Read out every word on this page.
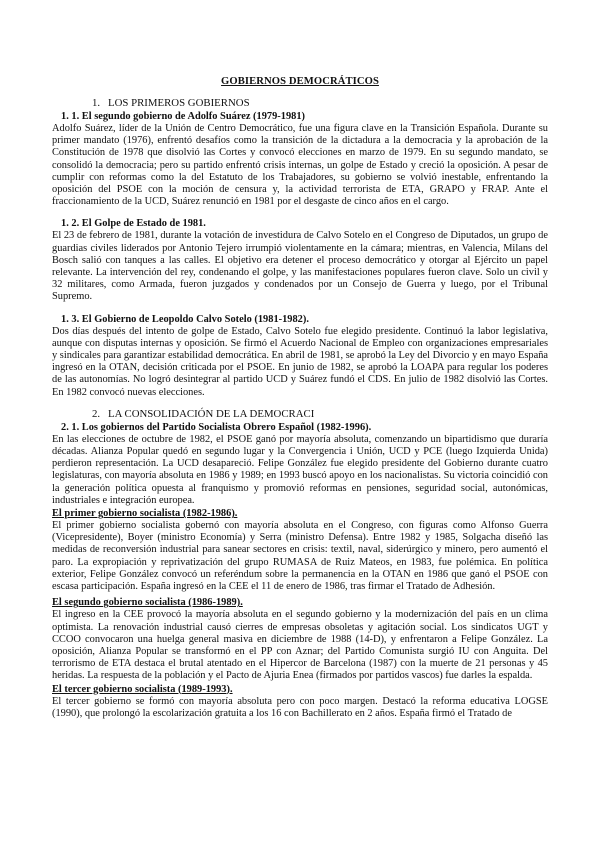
GOBIERNOS DEMOCRÁTICOS

1. LOS PRIMEROS GOBIERNOS

1. 1. El segundo gobierno de Adolfo Suárez (1979-1981)

Adolfo Suárez, líder de la Unión de Centro Democrático, fue una figura clave en la Transición Española. Durante su primer mandato (1976), enfrentó desafíos como la transición de la dictadura a la democracia y la aprobación de la Constitución de 1978 que disolvió las Cortes y convocó elecciones en marzo de 1979. En su segundo mandato, se consolidó la democracia; pero su partido enfrentó crisis internas, un golpe de Estado y creció la oposición. A pesar de cumplir con reformas como la del Estatuto de los Trabajadores, su gobierno se volvió inestable, enfrentando la oposición del PSOE con la moción de censura y, la actividad terrorista de ETA, GRAPO y FRAP. Ante el fraccionamiento de la UCD, Suárez renunció en 1981 por el desgaste de cinco años en el cargo.

1. 2. El Golpe de Estado de 1981.

El 23 de febrero de 1981, durante la votación de investidura de Calvo Sotelo en el Congreso de Diputados, un grupo de guardias civiles liderados por Antonio Tejero irrumpió violentamente en la cámara; mientras, en Valencia, Milans del Bosch salió con tanques a las calles. El objetivo era detener el proceso democrático y otorgar al Ejército un papel relevante. La intervención del rey, condenando el golpe, y las manifestaciones populares fueron clave. Solo un civil y 32 militares, como Armada, fueron juzgados y condenados por un Consejo de Guerra y luego, por el Tribunal Supremo.

1. 3. El Gobierno de Leopoldo Calvo Sotelo (1981-1982).

Dos días después del intento de golpe de Estado, Calvo Sotelo fue elegido presidente. Continuó la labor legislativa, aunque con disputas internas y oposición. Se firmó el Acuerdo Nacional de Empleo con organizaciones empresariales y sindicales para garantizar estabilidad democrática. En abril de 1981, se aprobó la Ley del Divorcio y en mayo España ingresó en la OTAN, decisión criticada por el PSOE. En junio de 1982, se aprobó la LOAPA para regular los poderes de las autonomías. No logró desintegrar al partido UCD y Suárez fundó el CDS. En julio de 1982 disolvió las Cortes. En 1982 convocó nuevas elecciones.

2. LA CONSOLIDACIÓN DE LA DEMOCRACI

2. 1. Los gobiernos del Partido Socialista Obrero Español (1982-1996).

En las elecciones de octubre de 1982, el PSOE ganó por mayoría absoluta, comenzando un bipartidismo que duraría décadas. Alianza Popular quedó en segundo lugar y la Convergencia i Unión, UCD y PCE (luego Izquierda Unida) perdieron representación. La UCD desapareció. Felipe González fue elegido presidente del Gobierno durante cuatro legislaturas, con mayoría absoluta en 1986 y 1989; en 1993 buscó apoyo en los nacionalistas. Su victoria coincidió con la generación política opuesta al franquismo y promovió reformas en pensiones, seguridad social, autonómicas, industriales e integración europea.

El primer gobierno socialista (1982-1986).

El primer gobierno socialista gobernó con mayoría absoluta en el Congreso, con figuras como Alfonso Guerra (Vicepresidente), Boyer (ministro Economía) y Serra (ministro Defensa). Entre 1982 y 1985, Solgacha diseñó las medidas de reconversión industrial para sanear sectores en crisis: textil, naval, siderúrgico y minero, pero aumentó el paro. La expropiación y reprivatización del grupo RUMASA de Ruiz Mateos, en 1983, fue polémica. En política exterior, Felipe González convocó un referéndum sobre la permanencia en la OTAN en 1986 que ganó el PSOE con escasa participación. España ingresó en la CEE el 11 de enero de 1986, tras firmar el Tratado de Adhesión.

El segundo gobierno socialista (1986-1989).

El ingreso en la CEE provocó la mayoría absoluta en el segundo gobierno y la modernización del país en un clima optimista. La renovación industrial causó cierres de empresas obsoletas y agitación social. Los sindicatos UGT y CCOO convocaron una huelga general masiva en diciembre de 1988 (14-D), y enfrentaron a Felipe González. La oposición, Alianza Popular se transformó en el PP con Aznar; del Partido Comunista surgió IU con Anguita. Del terrorismo de ETA destaca el brutal atentado en el Hipercor de Barcelona (1987) con la muerte de 21 personas y 45 heridas. La respuesta de la población y el Pacto de Ajuria Enea (firmados por partidos vascos) fue darles la espalda.

El tercer gobierno socialista (1989-1993).

El tercer gobierno se formó con mayoría absoluta pero con poco margen. Destacó la reforma educativa LOGSE (1990), que prolongó la escolarización gratuita a los 16 con Bachillerato en 2 años. España firmó el Tratado de
